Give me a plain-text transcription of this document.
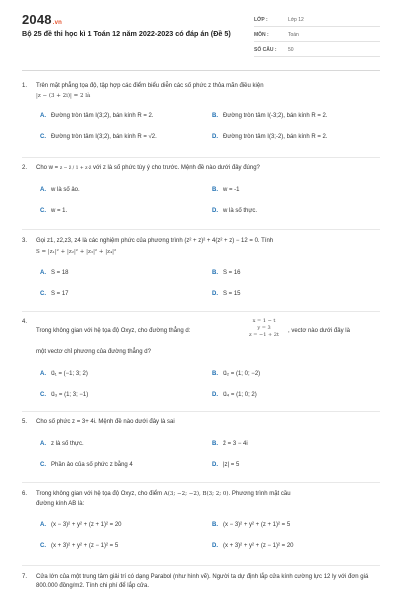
2048.vn
Bộ 25 đề thi học kì 1 Toán 12 năm 2022-2023 có đáp án (Đề 5)
LỚP :	Lớp 12
MÔN :	Toán
SỐ CÂU : 50
1. Trên mặt phẳng tọa độ, tập hợp các điểm biểu diễn các số phức z thỏa mãn điều kiện
|z − (3 + 2i)| = 2 là
A. Đường tròn tâm I(3;2), bán kính R = 2.	B. Đường tròn tâm I(-3;2), bán kính R = 2.
C. Đường tròn tâm I(3;2), bán kính R = √2.	D. Đường tròn tâm I(3;-2), bán kính R = 2.
2. Cho w = z − z̄ / 1 + z·z̄ với z là số phức tùy ý cho trước. Mệnh đề nào dưới đây đúng?
A. w là số ảo.	B. w = -1
C. w = 1.	D. w là số thực.
3. Gọi z1, z2,z3, z4 là các nghiệm phức của phương trình (z² + z)² + 4(z² + z) − 12 = 0. Tính
S = |z₁|² + |z₂|² + |z₃|² + |z₄|²
A. S = 18	B. S = 16
C. S = 17	D. S = 15
4.
Trong không gian với hệ tọa độ Oxyz, cho đường thẳng d:
x = 1 − t
y = 3
z = −1 + 2t
, vectơ nào dưới đây là
một vectơ chỉ phương của đường thẳng d?
A. u⃗₁ = (−1; 3; 2)	B. u⃗₂ = (1; 0; −2)
C. u⃗₃ = (1; 3; −1)	D. u⃗₄ = (1; 0; 2)
5. Cho số phức z = 3+ 4i. Mệnh đề nào dưới đây là sai
A. z là số thực.	B. z̄ = 3 − 4i
C. Phần ảo của số phức z bằng 4	D. |z| = 5
6. Trong không gian với hệ tọa độ Oxyz, cho điểm A(3; −2; −2), B(3; 2; 0). Phương trình mặt cầu
đường kính AB là:
A. (x − 3)² + y² + (z + 1)² = 20	B. (x − 3)² + y² + (z + 1)² = 5
C. (x + 3)² + y² + (z − 1)² = 5	D. (x + 3)² + y² + (z − 1)² = 20
7. Cửa lớn của một trung tâm giải trí có dạng Parabol (như hình vẽ). Người ta dự định lắp cửa kính cường lực 12 ly với đơn giá 800.000 đồng/m2. Tính chi phí để lắp cửa.
